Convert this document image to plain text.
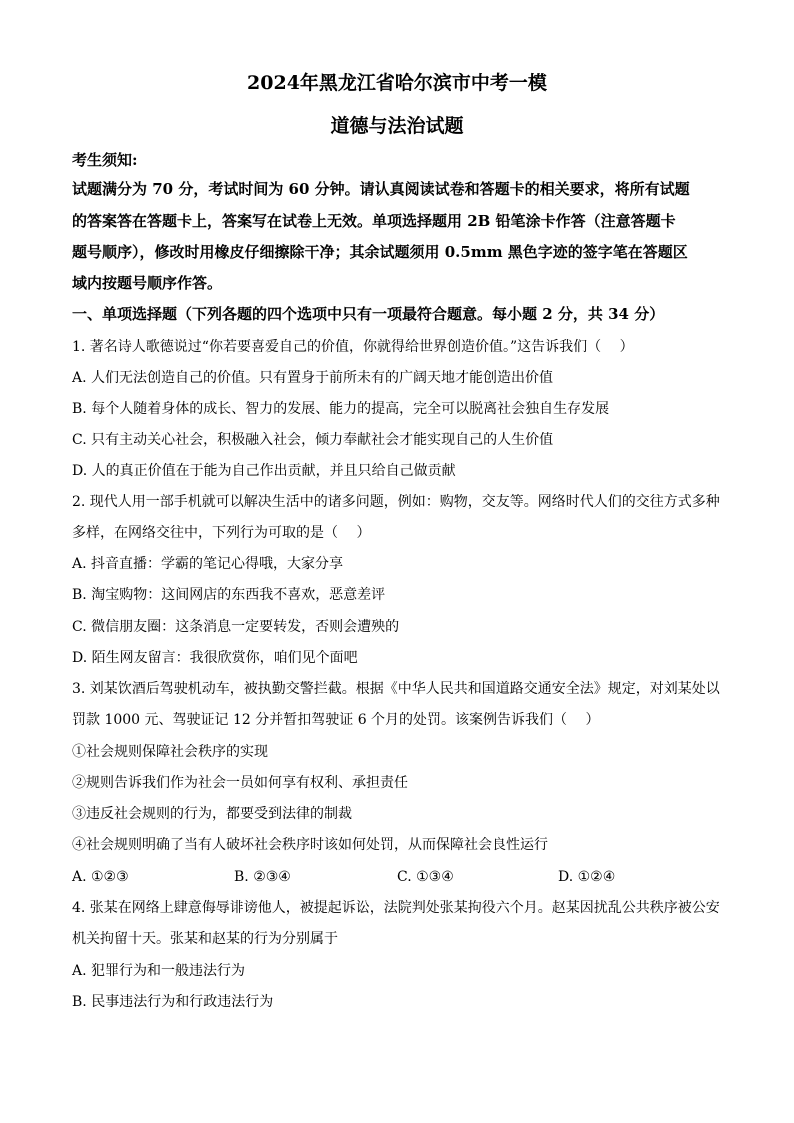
2024年黑龙江省哈尔滨市中考一模
道德与法治试题
考生须知:
试题满分为 70 分，考试时间为 60 分钟。请认真阅读试卷和答题卡的相关要求，将所有试题
的答案答在答题卡上，答案写在试卷上无效。单项选择题用 2B 铅笔涂卡作答（注意答题卡
题号顺序），修改时用橡皮仔细擦除干净；其余试题须用 0.5mm 黑色字迹的签字笔在答题区
域内按题号顺序作答。
一、单项选择题（下列各题的四个选项中只有一项最符合题意。每小题 2 分，共 34 分）
1. 著名诗人歌德说过“你若要喜爱自己的价值，你就得给世界创造价值。”这告诉我们（　 ）
A. 人们无法创造自己的价值。只有置身于前所未有的广阔天地才能创造出价值
B. 每个人随着身体的成长、智力的发展、能力的提高，完全可以脱离社会独自生存发展
C. 只有主动关心社会，积极融入社会，倾力奉献社会才能实现自己的人生价值
D. 人的真正价值在于能为自己作出贡献，并且只给自己做贡献
2. 现代人用一部手机就可以解决生活中的诸多问题，例如：购物，交友等。网络时代人们的交往方式多种
多样，在网络交往中，下列行为可取的是（　 ）
A. 抖音直播：学霸的笔记心得哦，大家分享
B. 淘宝购物：这间网店的东西我不喜欢，恶意差评
C. 微信朋友圈：这条消息一定要转发，否则会遭殃的
D. 陌生网友留言：我很欣赏你，咱们见个面吧
3. 刘某饮酒后驾驶机动车，被执勤交警拦截。根据《中华人民共和国道路交通安全法》规定，对刘某处以
罚款 1000 元、驾驶证记 12 分并暂扣驾驶证 6 个月的处罚。该案例告诉我们（　 ）
①社会规则保障社会秩序的实现
②规则告诉我们作为社会一员如何享有权利、承担责任
③违反社会规则的行为，都要受到法律的制裁
④社会规则明确了当有人破坏社会秩序时该如何处罚，从而保障社会良性运行
A. ①②③	B. ②③④	C. ①③④	D. ①②④
4. 张某在网络上肆意侮辱诽谤他人，被提起诉讼，法院判处张某拘役六个月。赵某因扰乱公共秩序被公安
机关拘留十天。张某和赵某的行为分别属于
A. 犯罪行为和一般违法行为
B. 民事违法行为和行政违法行为
